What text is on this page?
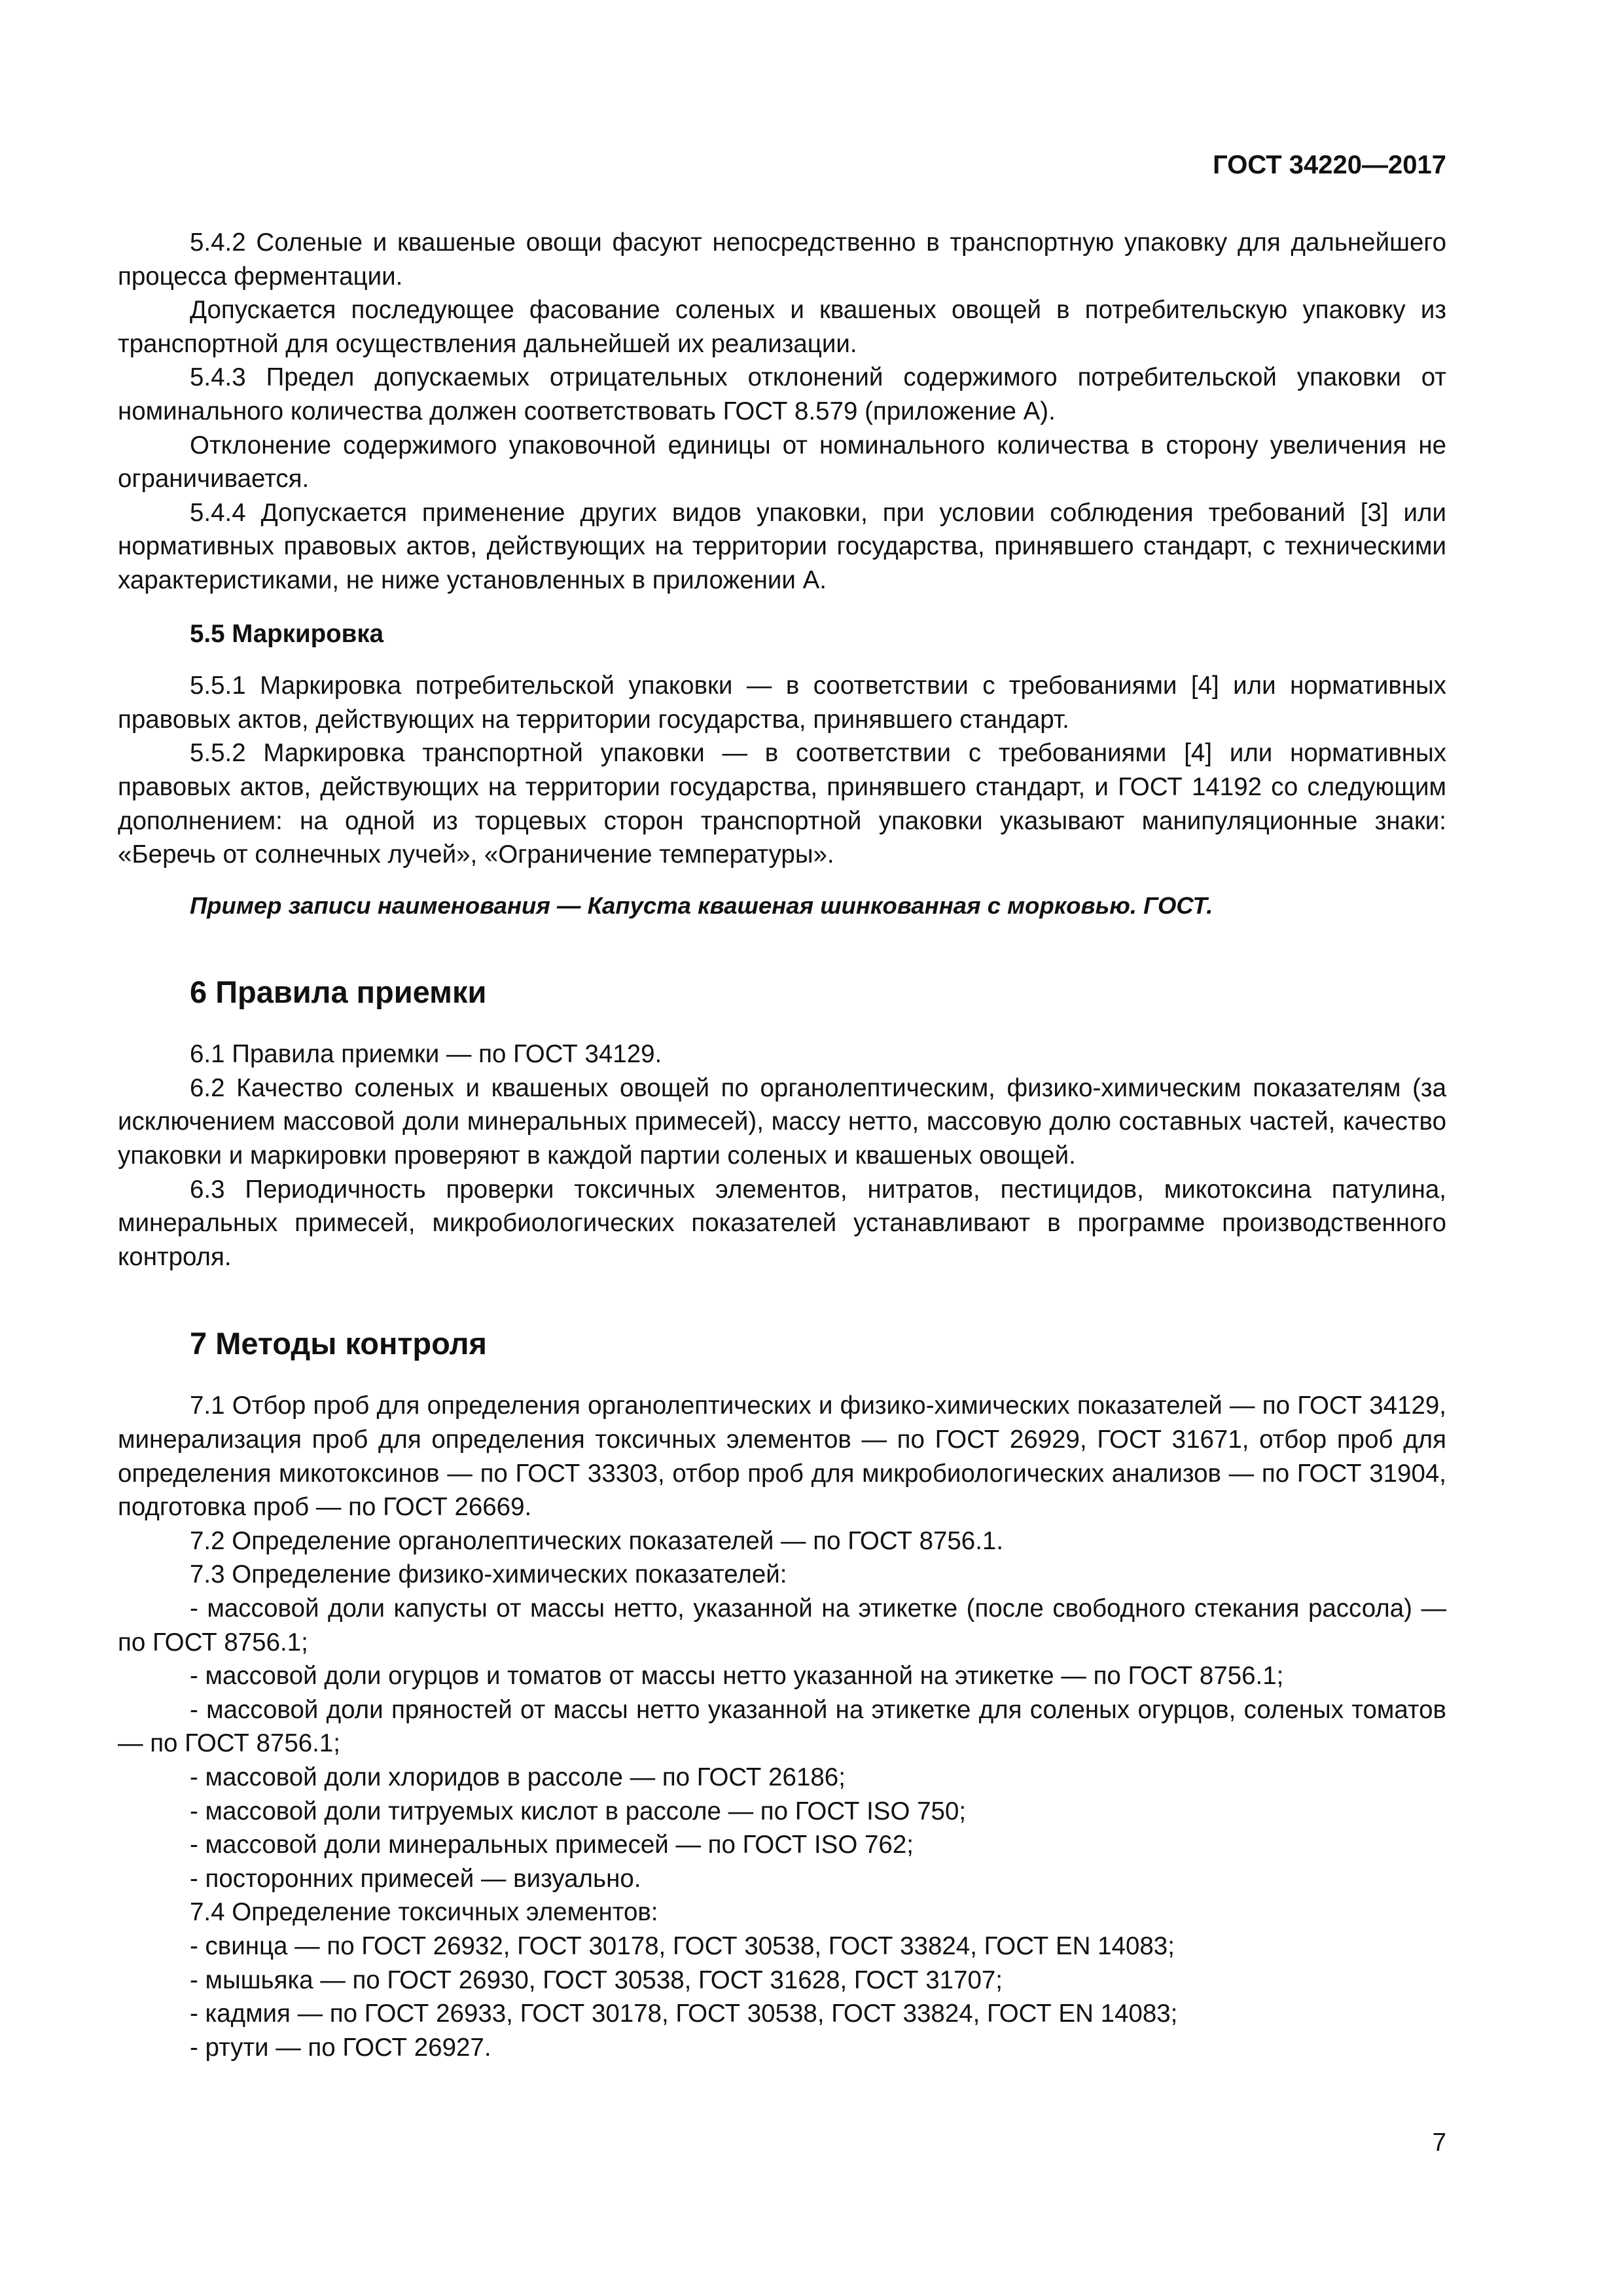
ГОСТ 34220—2017

5.4.2 Соленые и квашеные овощи фасуют непосредственно в транспортную упаковку для дальнейшего процесса ферментации.

Допускается последующее фасование соленых и квашеных овощей в потребительскую упаковку из транспортной для осуществления дальнейшей их реализации.

5.4.3 Предел допускаемых отрицательных отклонений содержимого потребительской упаковки от номинального количества должен соответствовать ГОСТ 8.579 (приложение А).

Отклонение содержимого упаковочной единицы от номинального количества в сторону увеличения не ограничивается.

5.4.4 Допускается применение других видов упаковки, при условии соблюдения требований [3] или нормативных правовых актов, действующих на территории государства, принявшего стандарт, с техническими характеристиками, не ниже установленных в приложении А.

5.5 Маркировка

5.5.1 Маркировка потребительской упаковки — в соответствии с требованиями [4] или нормативных правовых актов, действующих на территории государства, принявшего стандарт.

5.5.2 Маркировка транспортной упаковки — в соответствии с требованиями [4] или нормативных правовых актов, действующих на территории государства, принявшего стандарт, и ГОСТ 14192 со следующим дополнением: на одной из торцевых сторон транспортной упаковки указывают манипуляционные знаки: «Беречь от солнечных лучей», «Ограничение температуры».

Пример записи наименования — Капуста квашеная шинкованная с морковью. ГОСТ.
6 Правила приемки

6.1 Правила приемки — по ГОСТ 34129.

6.2 Качество соленых и квашеных овощей по органолептическим, физико-химическим показателям (за исключением массовой доли минеральных примесей), массу нетто, массовую долю составных частей, качество упаковки и маркировки проверяют в каждой партии соленых и квашеных овощей.

6.3 Периодичность проверки токсичных элементов, нитратов, пестицидов, микотоксина патулина, минеральных примесей, микробиологических показателей устанавливают в программе производственного контроля.

7 Методы контроля

7.1 Отбор проб для определения органолептических и физико-химических показателей — по ГОСТ 34129, минерализация проб для определения токсичных элементов — по ГОСТ 26929, ГОСТ 31671, отбор проб для определения микотоксинов — по ГОСТ 33303, отбор проб для микробиологических анализов — по ГОСТ 31904, подготовка проб — по ГОСТ 26669.

7.2 Определение органолептических показателей — по ГОСТ 8756.1.

7.3 Определение физико-химических показателей:

- массовой доли капусты от массы нетто, указанной на этикетке (после свободного стекания рассола) — по ГОСТ 8756.1;

- массовой доли огурцов и томатов от массы нетто указанной на этикетке — по ГОСТ 8756.1;

- массовой доли пряностей от массы нетто указанной на этикетке для соленых огурцов, соленых томатов — по ГОСТ 8756.1;

- массовой доли хлоридов в рассоле — по ГОСТ 26186;

- массовой доли титруемых кислот в рассоле — по ГОСТ ISO 750;

- массовой доли минеральных примесей — по ГОСТ ISO 762;

- посторонних примесей — визуально.

7.4 Определение токсичных элементов:

- свинца — по ГОСТ 26932, ГОСТ 30178, ГОСТ 30538, ГОСТ 33824, ГОСТ EN 14083;

- мышьяка — по ГОСТ 26930, ГОСТ 30538, ГОСТ 31628, ГОСТ 31707;

- кадмия — по ГОСТ 26933, ГОСТ 30178, ГОСТ 30538, ГОСТ 33824, ГОСТ EN 14083;

- ртути — по ГОСТ 26927.

7
